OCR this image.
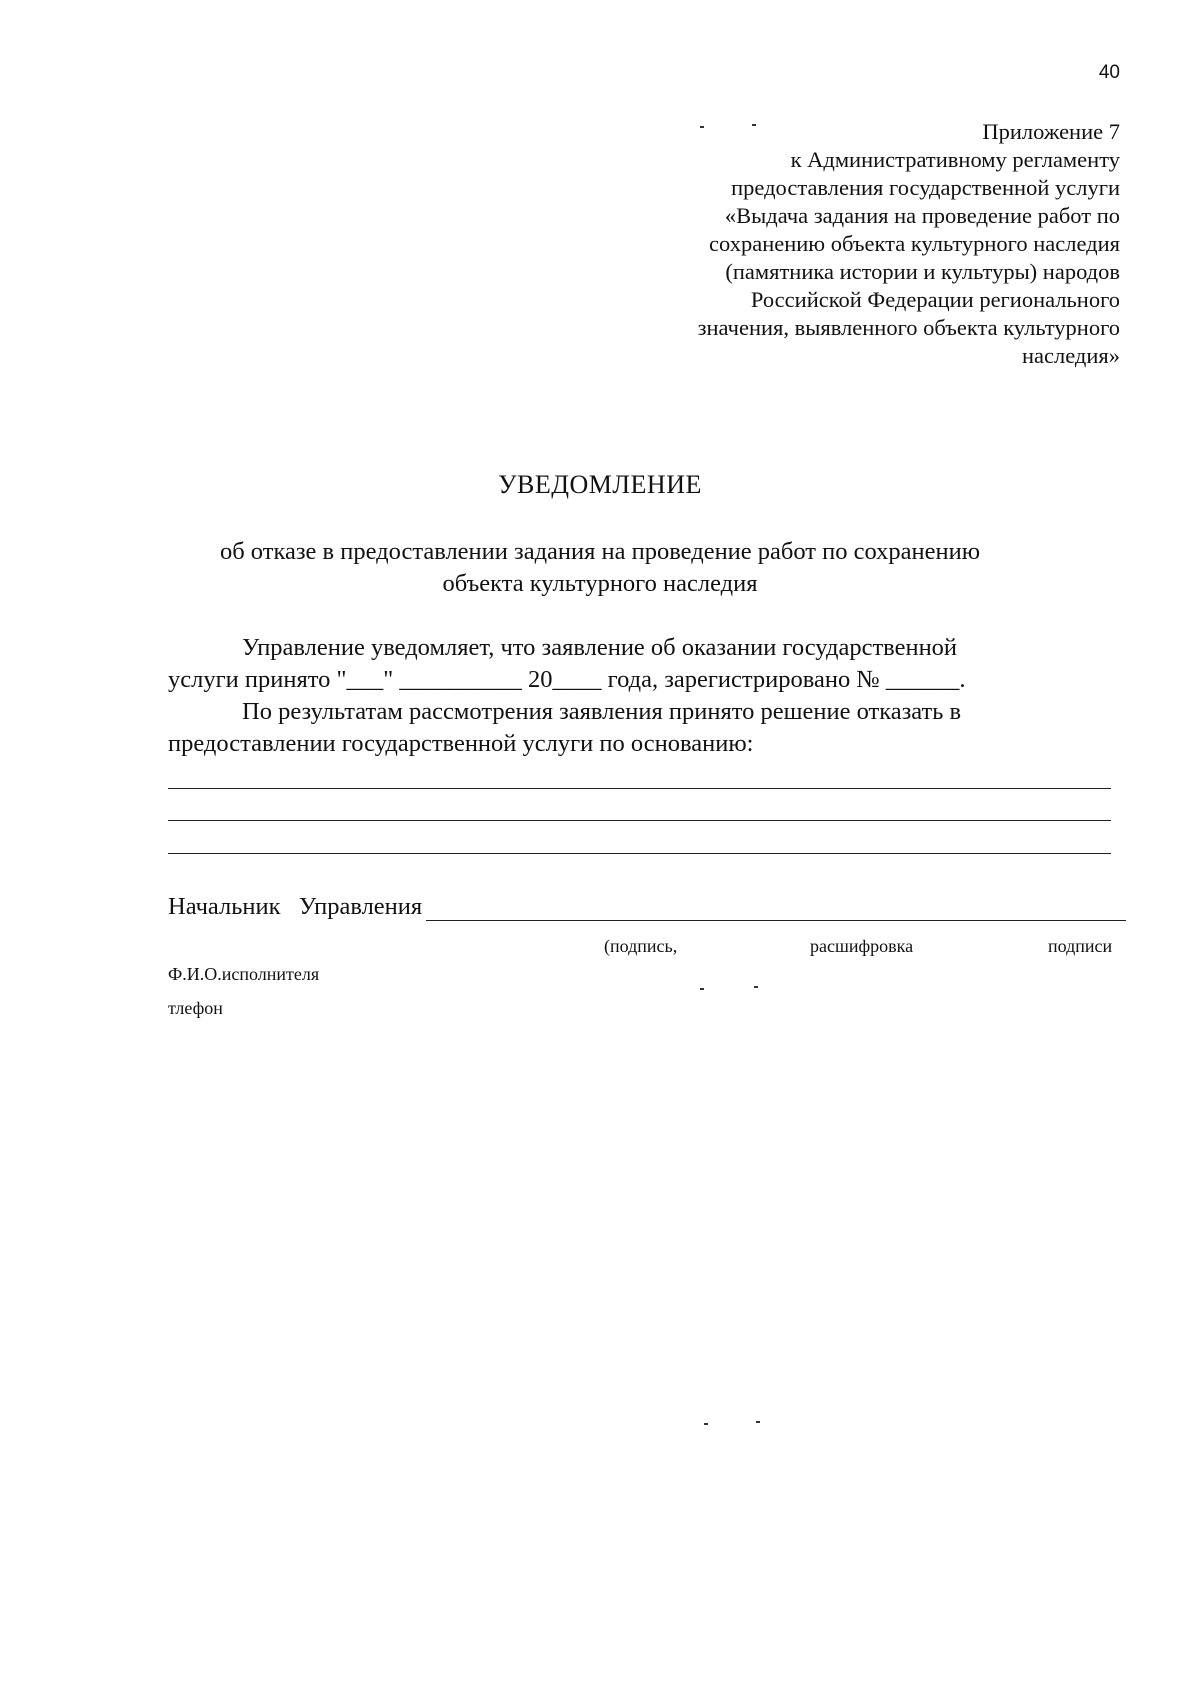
40
Приложение 7
к Административному регламенту
предоставления государственной услуги
«Выдача задания на проведение работ по
сохранению объекта культурного наследия
(памятника истории и культуры) народов
Российской Федерации регионального
значения, выявленного объекта культурного
наследия»
УВЕДОМЛЕНИЕ
об отказе в предоставлении задания на проведение работ по сохранению
объекта культурного наследия
Управление уведомляет, что заявление об оказании государственной
услуги принято "___" __________ 20____ года, зарегистрировано № ______.
По результатам рассмотрения заявления принято решение отказать в
предоставлении государственной услуги по основанию:
Начальник   Управления
(подпись,	расшифровка	подписи
Ф.И.О.исполнителя
тлефон
